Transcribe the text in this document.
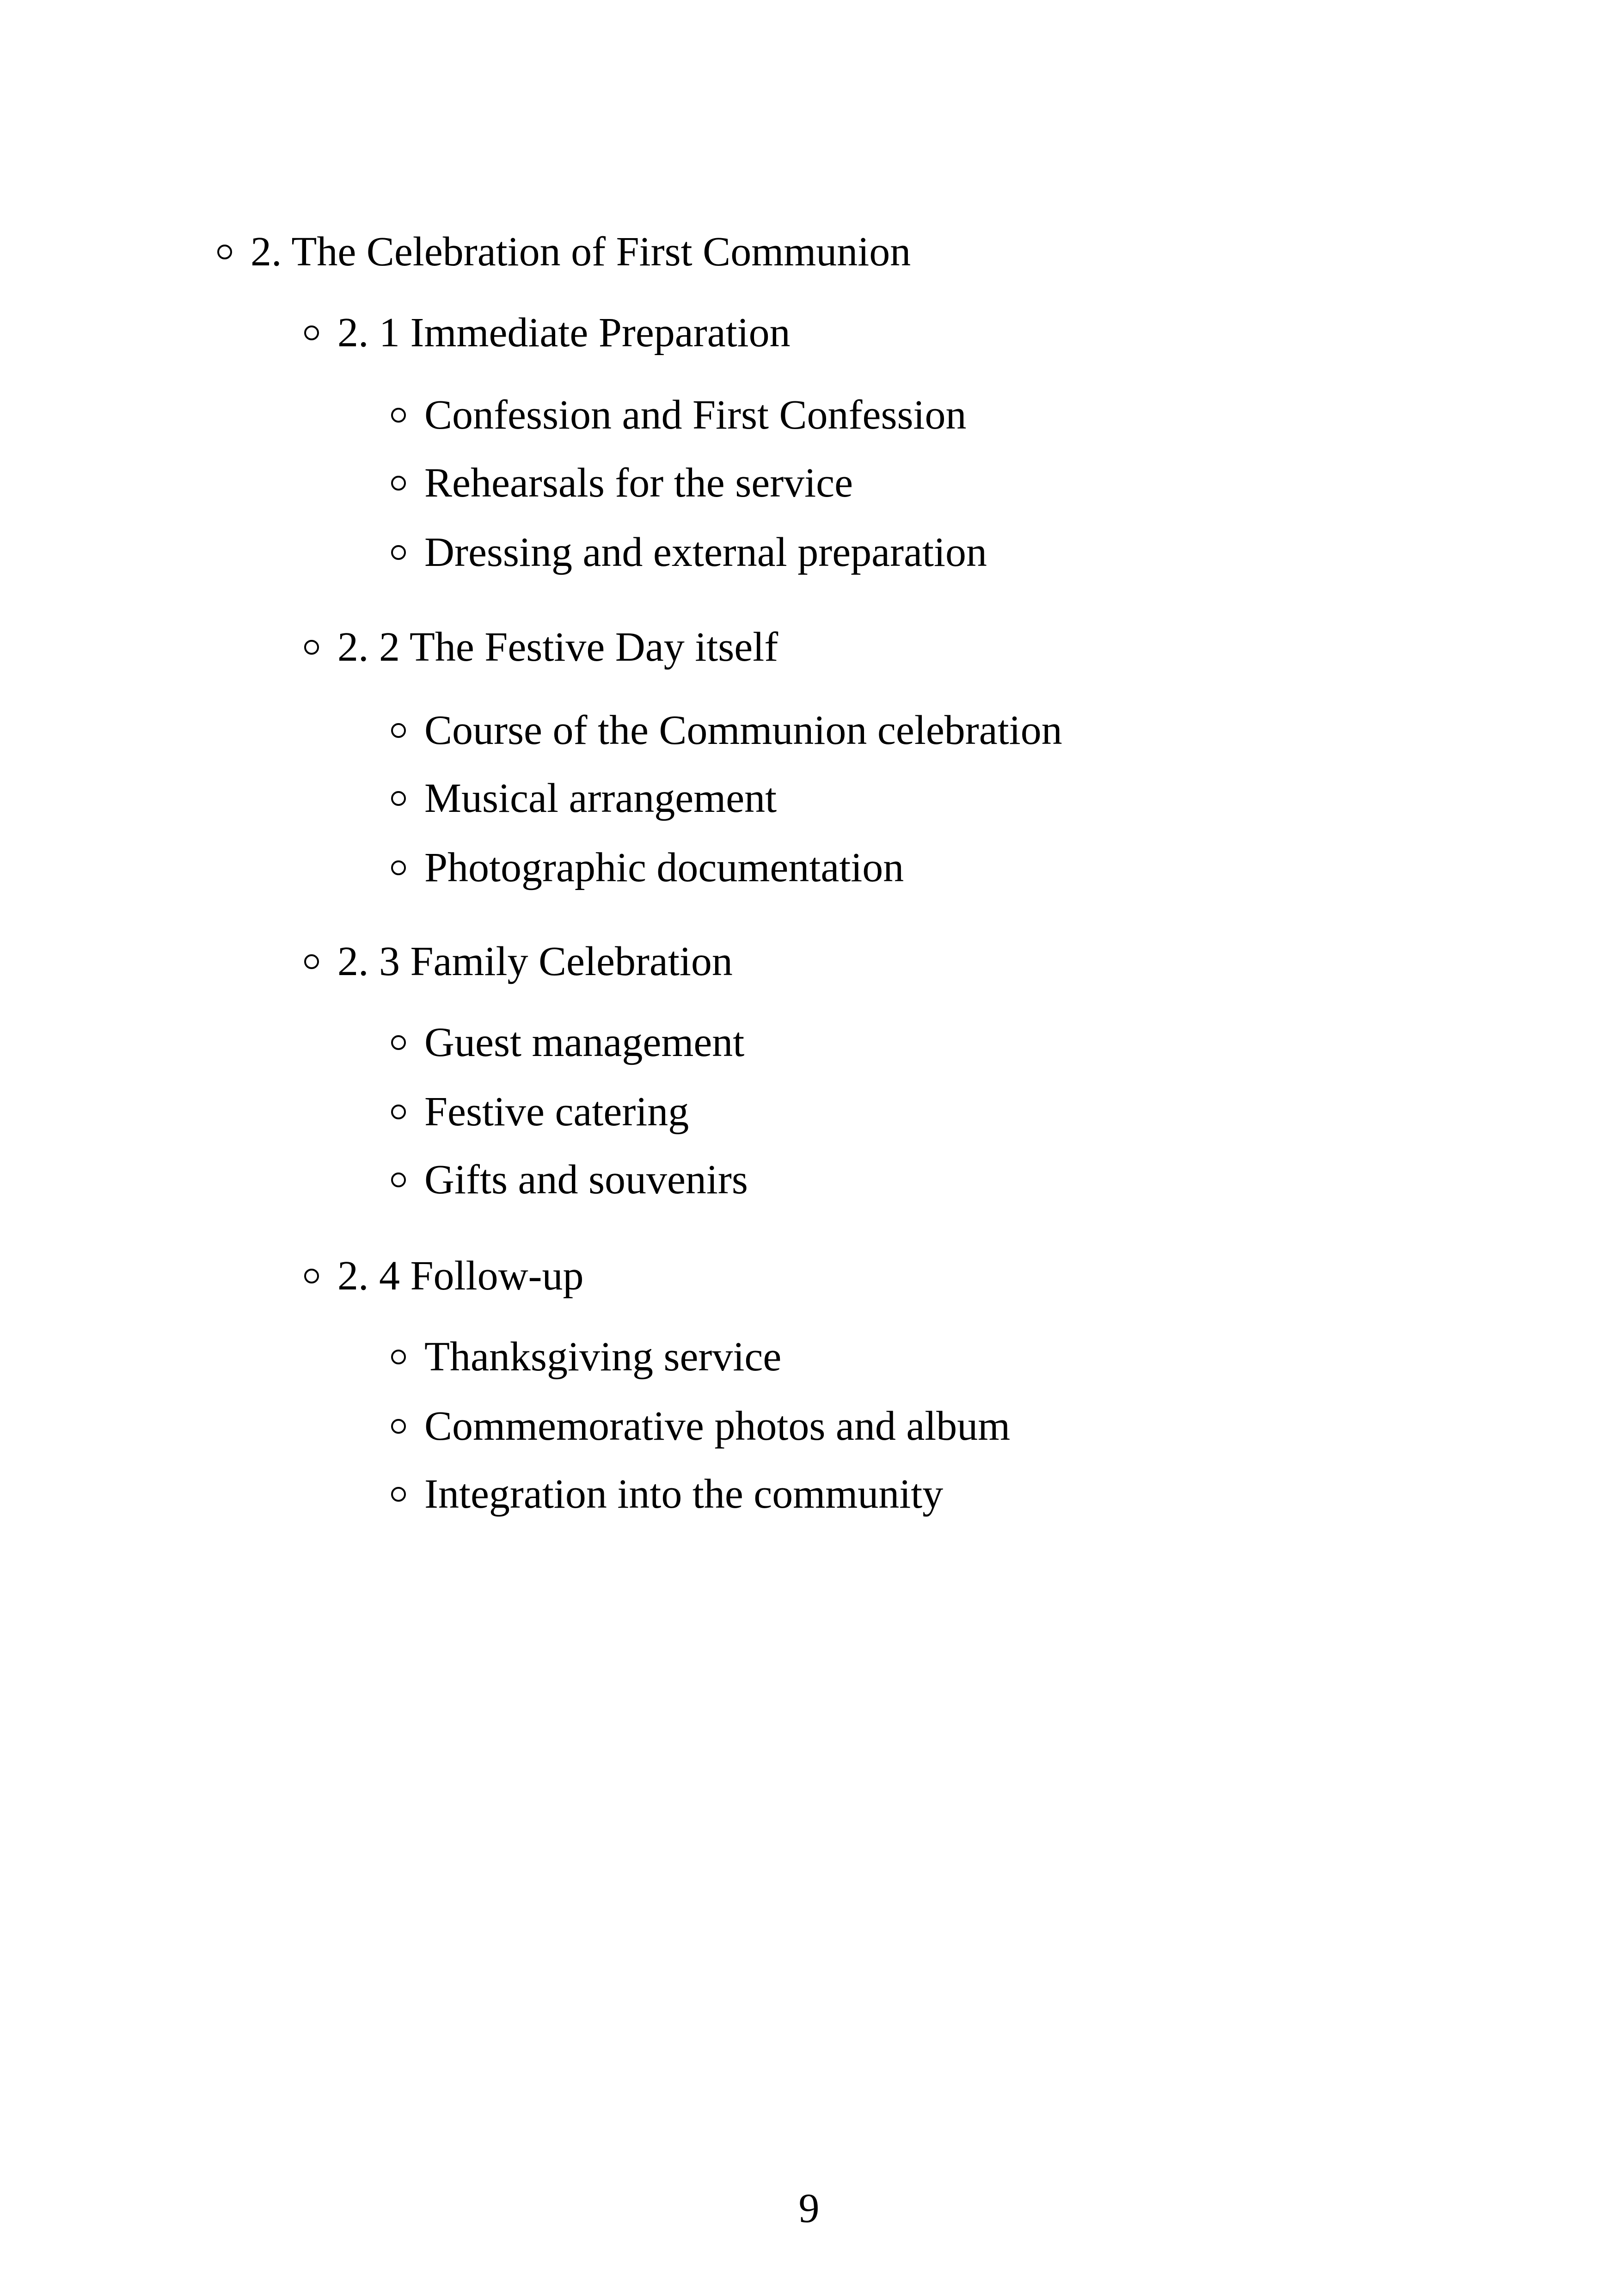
2. The Celebration of First Communion
2. 1 Immediate Preparation
Confession and First Confession
Rehearsals for the service
Dressing and external preparation
2. 2 The Festive Day itself
Course of the Communion celebration
Musical arrangement
Photographic documentation
2. 3 Family Celebration
Guest management
Festive catering
Gifts and souvenirs
2. 4 Follow-up
Thanksgiving service
Commemorative photos and album
Integration into the community
9
